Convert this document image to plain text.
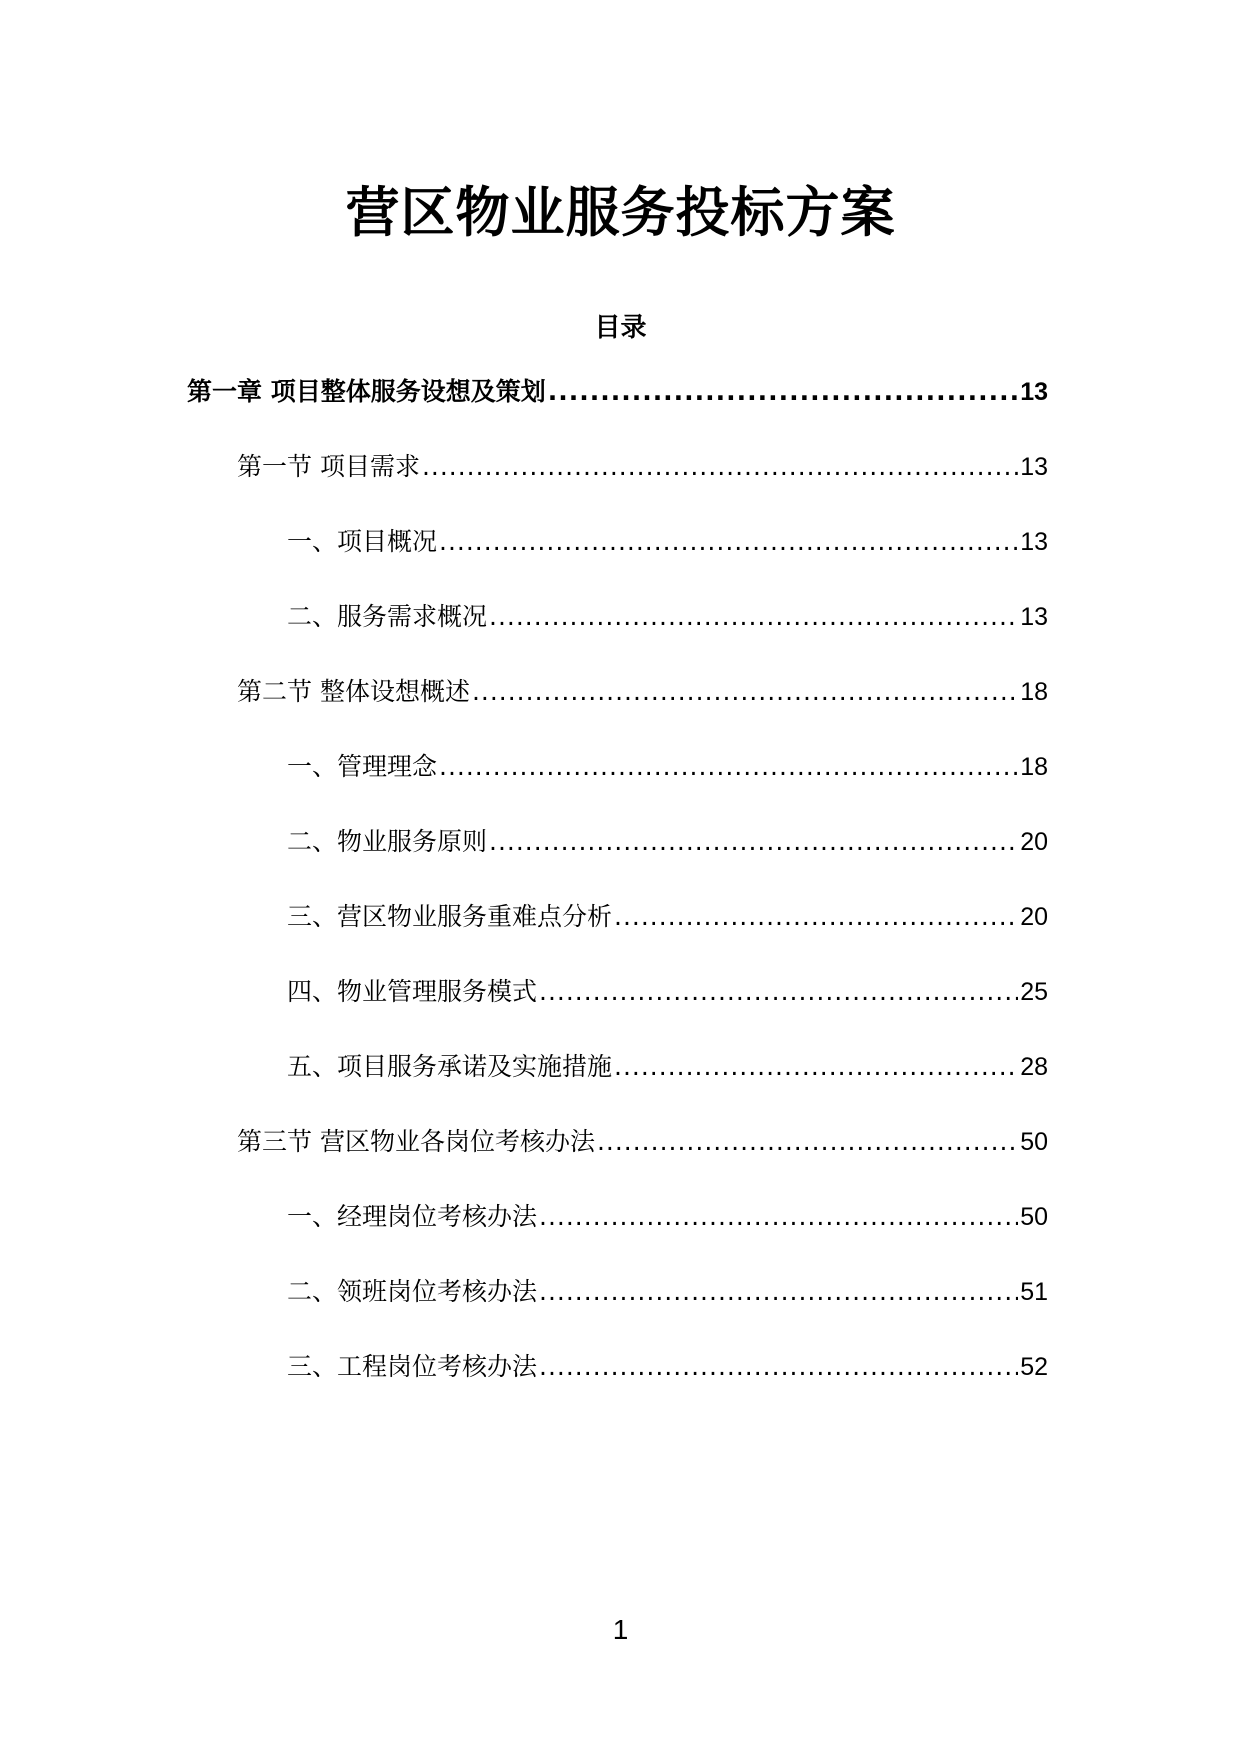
营区物业服务投标方案
目录
第一章 项目整体服务设想及策划 .....	13
第一节 项目需求 .....	13
一、项目概况 .....	13
二、服务需求概况 .....	13
第二节 整体设想概述 .....	18
一、管理理念 .....	18
二、物业服务原则 .....	20
三、营区物业服务重难点分析 .....	20
四、物业管理服务模式 .....	25
五、项目服务承诺及实施措施 .....	28
第三节 营区物业各岗位考核办法 .....	50
一、经理岗位考核办法 .....	50
二、领班岗位考核办法 .....	51
三、工程岗位考核办法 .....	52
1
